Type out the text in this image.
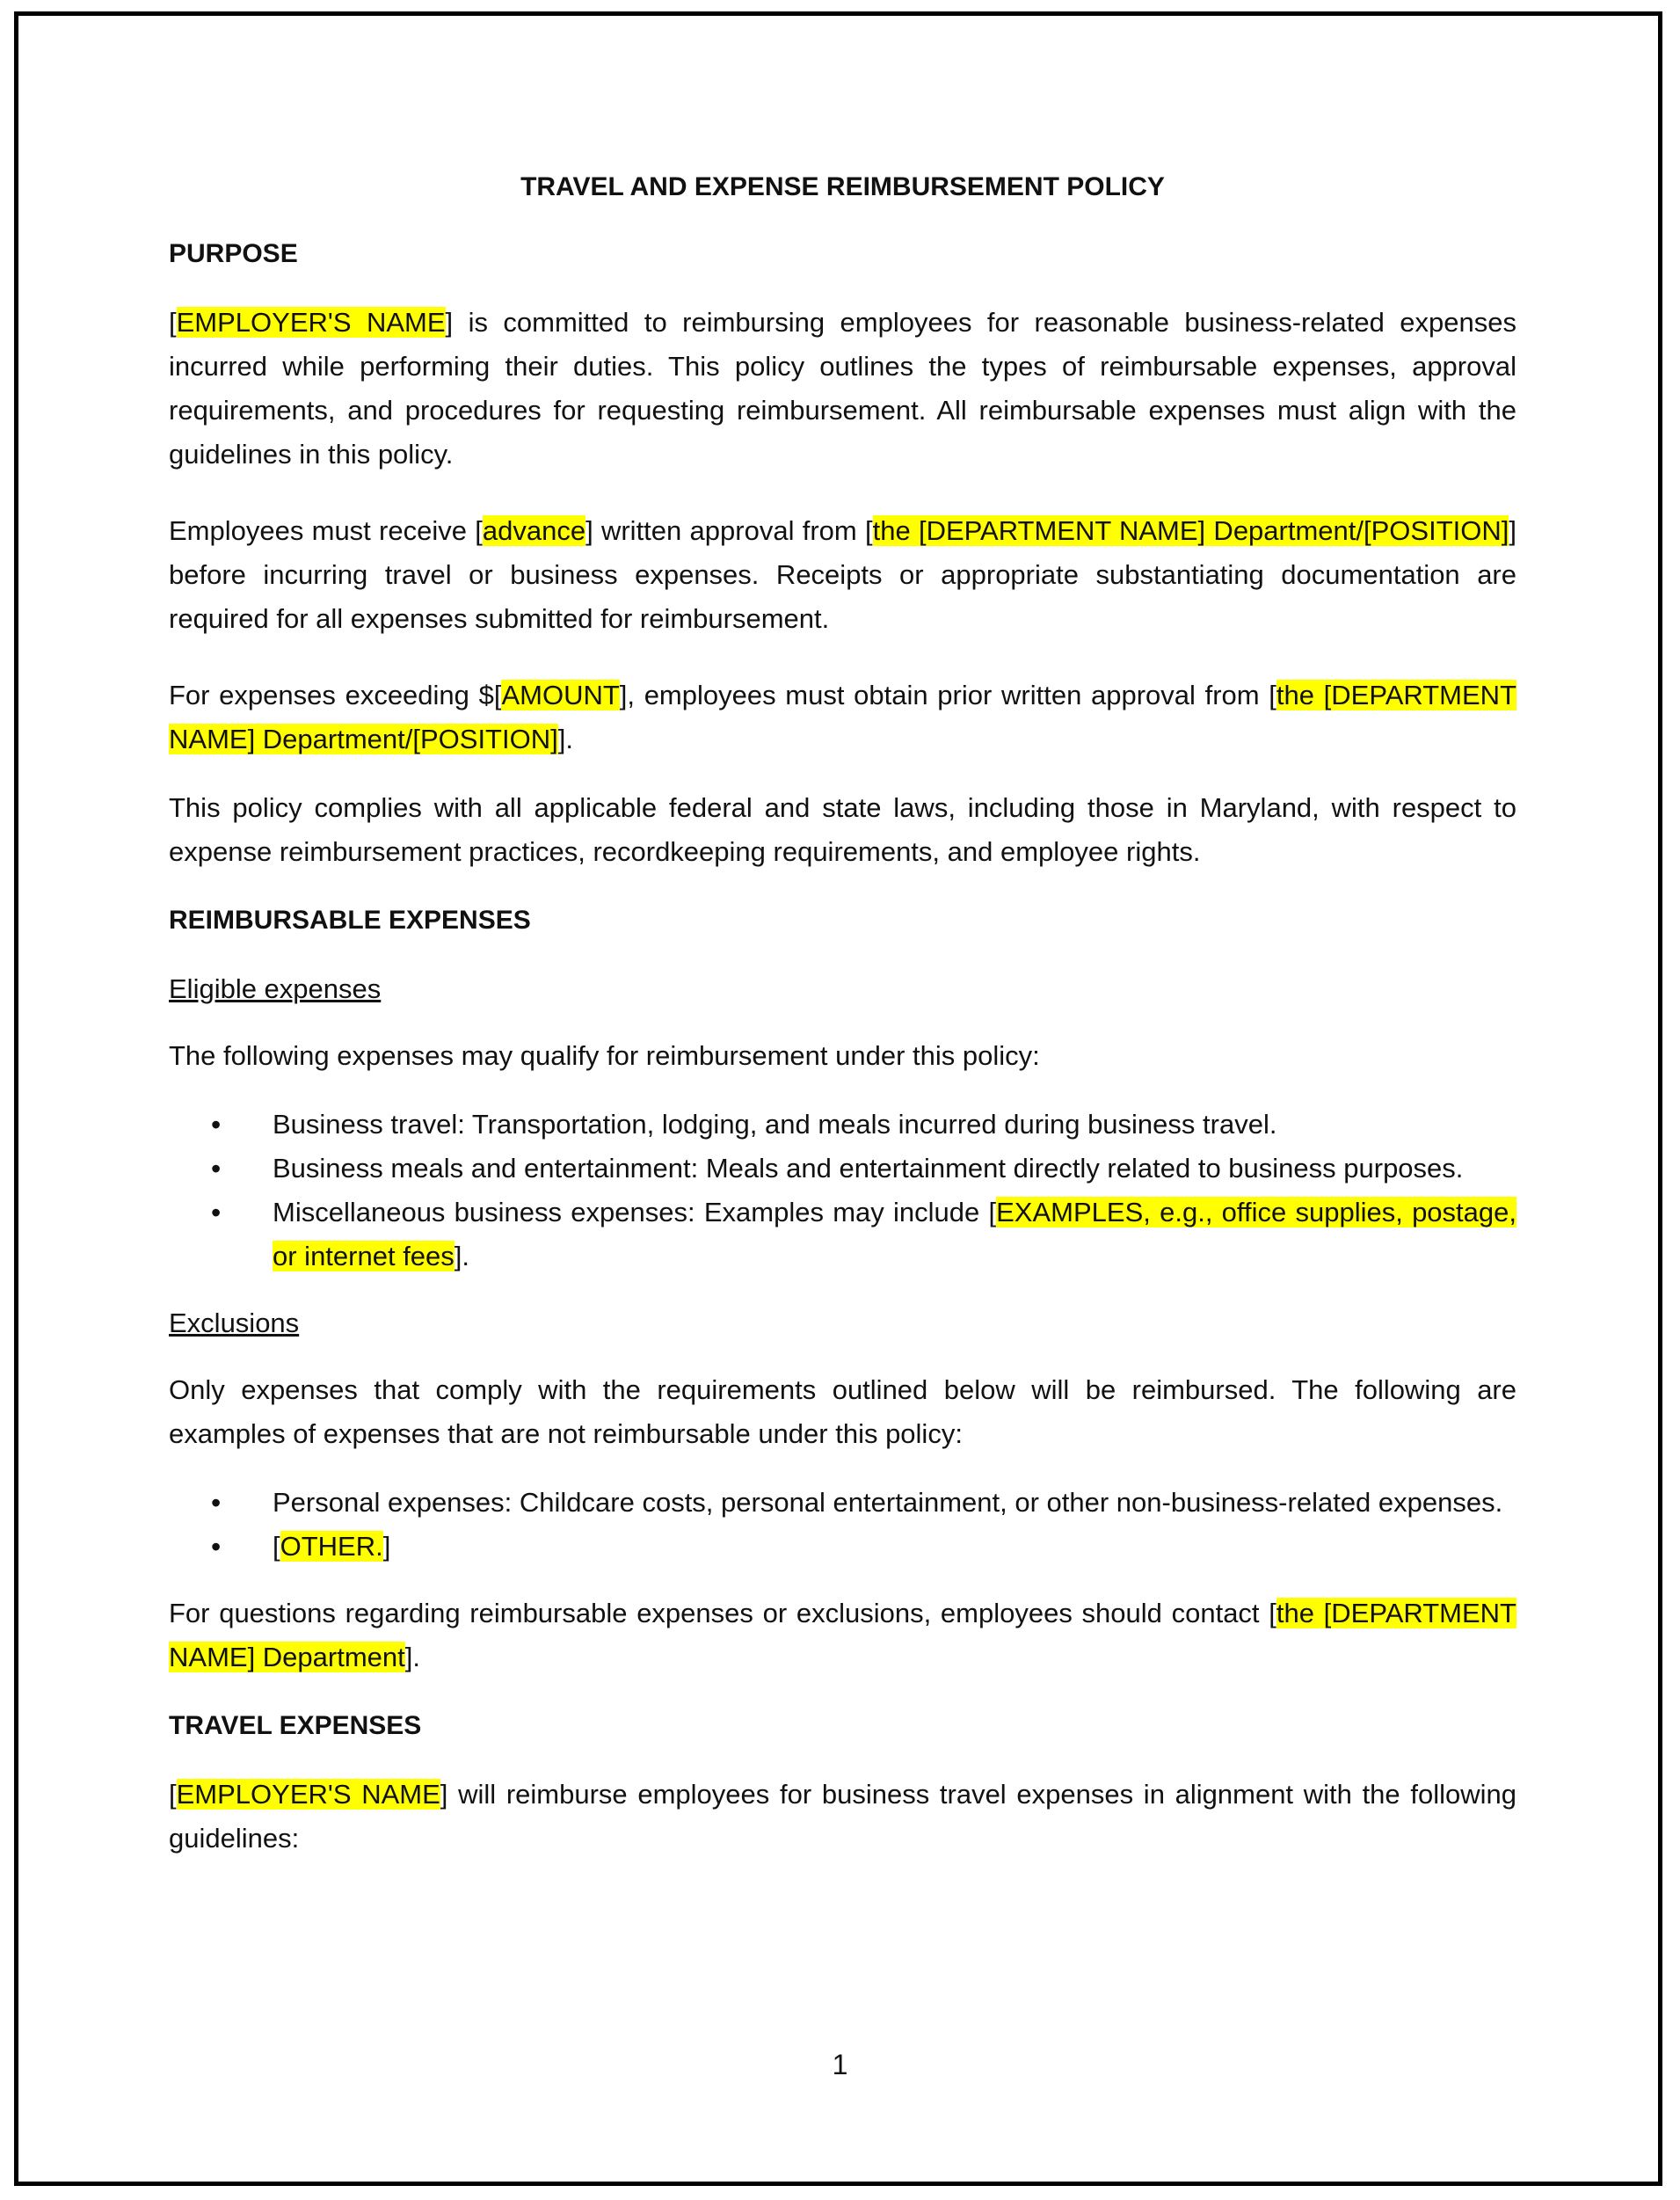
TRAVEL AND EXPENSE REIMBURSEMENT POLICY
PURPOSE

[EMPLOYER'S NAME] is committed to reimbursing employees for reasonable business-related expenses incurred while performing their duties. This policy outlines the types of reimbursable expenses, approval requirements, and procedures for requesting reimbursement. All reimbursable expenses must align with the guidelines in this policy.

Employees must receive [advance] written approval from [the [DEPARTMENT NAME] Department/[POSITION]] before incurring travel or business expenses. Receipts or appropriate substantiating documentation are required for all expenses submitted for reimbursement.

For expenses exceeding $[AMOUNT], employees must obtain prior written approval from [the [DEPARTMENT NAME] Department/[POSITION]].

This policy complies with all applicable federal and state laws, including those in Maryland, with respect to expense reimbursement practices, recordkeeping requirements, and employee rights.

REIMBURSABLE EXPENSES
Eligible expenses

The following expenses may qualify for reimbursement under this policy:

• Business travel: Transportation, lodging, and meals incurred during business travel.
• Business meals and entertainment: Meals and entertainment directly related to business purposes.
• Miscellaneous business expenses: Examples may include [EXAMPLES, e.g., office supplies, postage, or internet fees].
Exclusions

Only expenses that comply with the requirements outlined below will be reimbursed. The following are examples of expenses that are not reimbursable under this policy:

• Personal expenses: Childcare costs, personal entertainment, or other non-business-related expenses.
• [OTHER.]

For questions regarding reimbursable expenses or exclusions, employees should contact [the [DEPARTMENT NAME] Department].

TRAVEL EXPENSES

[EMPLOYER'S NAME] will reimburse employees for business travel expenses in alignment with the following guidelines:

1
